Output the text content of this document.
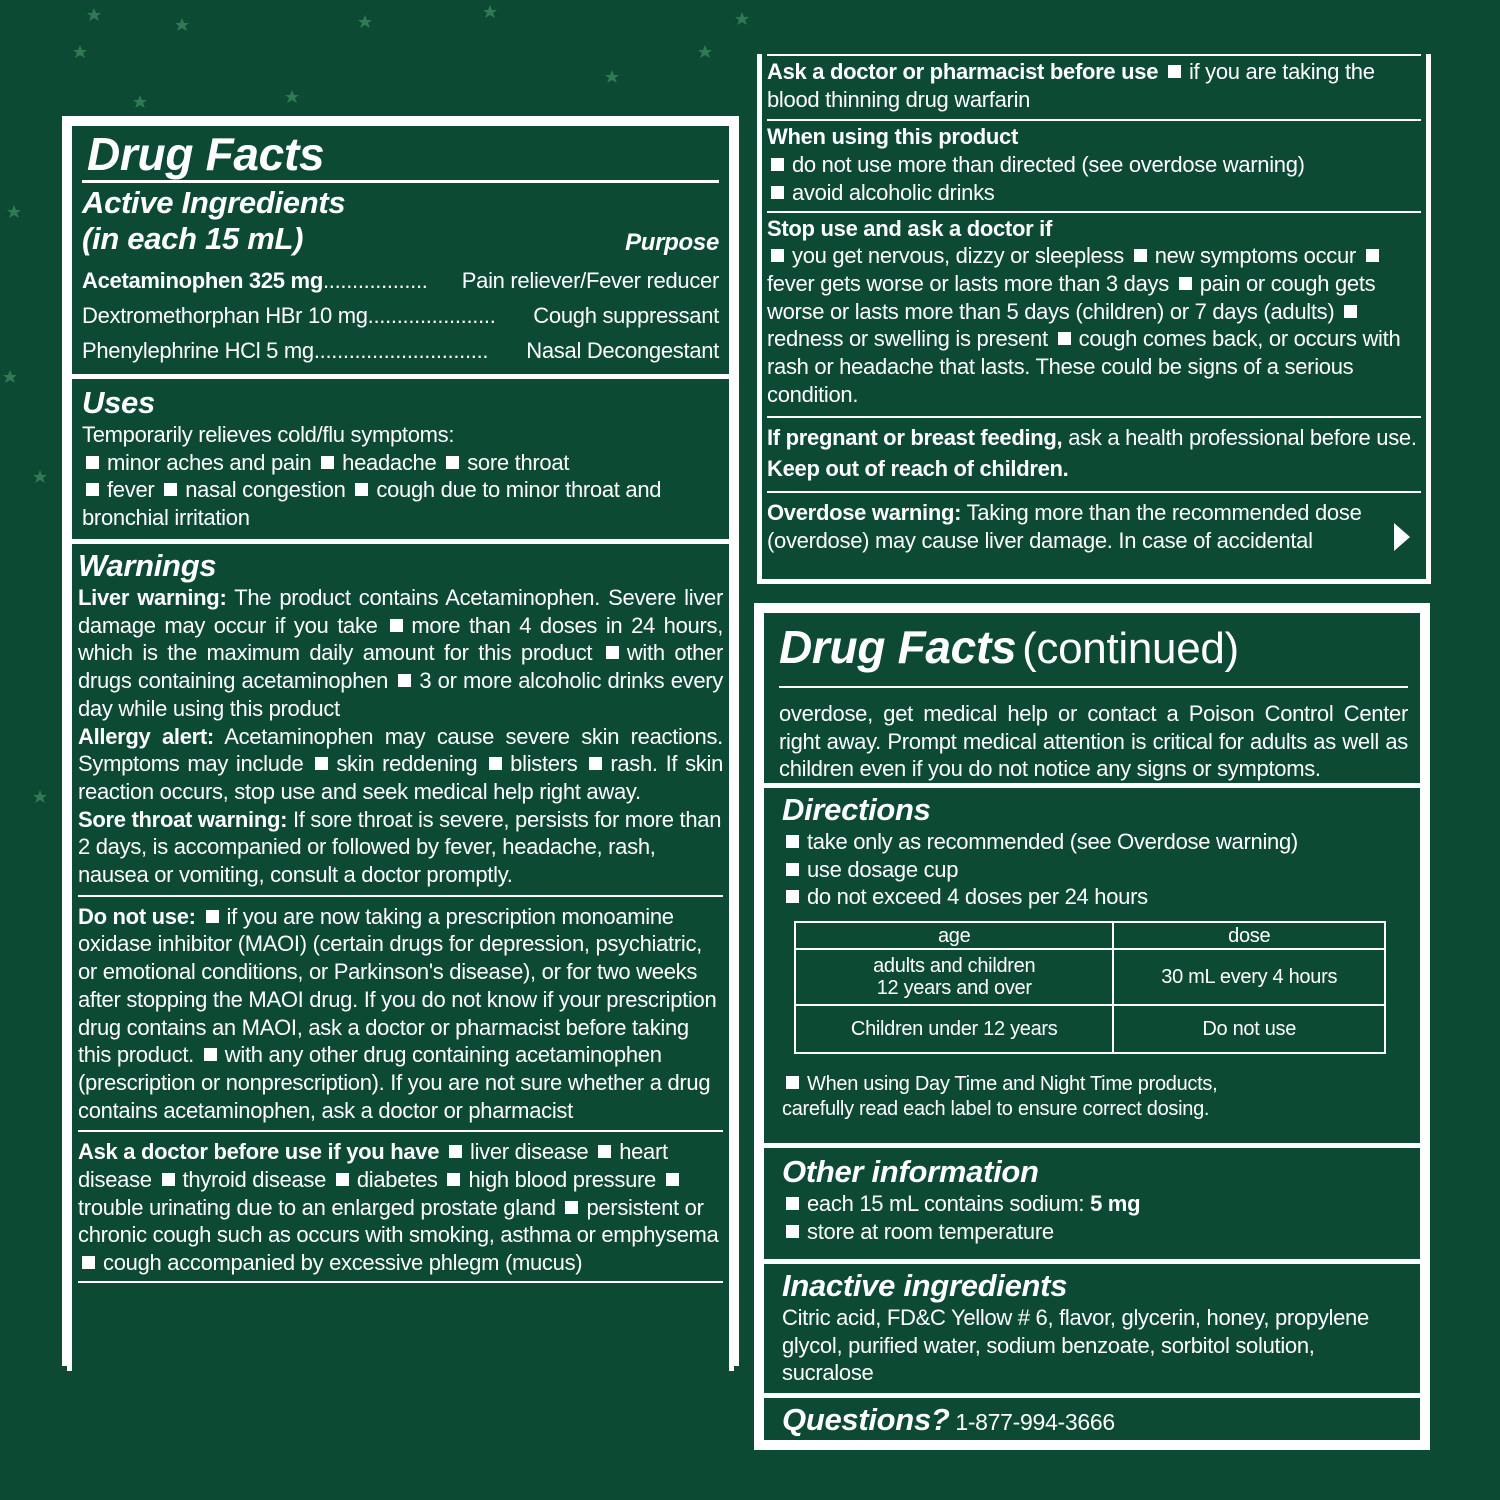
Drug Facts
Active Ingredients
(in each 15 mL)	Purpose
Acetaminophen 325 mg ..................	Pain reliever/Fever reducer
Dextromethorphan HBr 10 mg ......................	Cough suppressant
Phenylephrine HCl 5 mg ..............................	Nasal Decongestant
Uses
Temporarily relieves cold/flu symptoms:
minor aches and pain headache sore throat
fever nasal congestion cough due to minor throat and
bronchial irritation
Warnings
Liver warning: The product contains Acetaminophen. Severe liver damage may occur if you take more than 4 doses in 24 hours, which is the maximum daily amount for this product with other drugs containing acetaminophen 3 or more alcoholic drinks every day while using this product
Allergy alert: Acetaminophen may cause severe skin reactions. Symptoms may include skin reddening blisters rash. If skin reaction occurs, stop use and seek medical help right away.
Sore throat warning: If sore throat is severe, persists for more than 2 days, is accompanied or followed by fever, headache, rash, nausea or vomiting, consult a doctor promptly.
Do not use: if you are now taking a prescription monoamine oxidase inhibitor (MAOI) (certain drugs for depression, psychiatric, or emotional conditions, or Parkinson's disease), or for two weeks after stopping the MAOI drug. If you do not know if your prescription drug contains an MAOI, ask a doctor or pharmacist before taking this product. with any other drug containing acetaminophen (prescription or nonprescription). If you are not sure whether a drug contains acetaminophen, ask a doctor or pharmacist
Ask a doctor before use if you have liver disease heart disease thyroid disease diabetes high blood pressure trouble urinating due to an enlarged prostate gland persistent or chronic cough such as occurs with smoking, asthma or emphysema cough accompanied by excessive phlegm (mucus)
Ask a doctor or pharmacist before use if you are taking the blood thinning drug warfarin
When using this product
do not use more than directed (see overdose warning)
avoid alcoholic drinks
Stop use and ask a doctor if
you get nervous, dizzy or sleepless new symptoms occur fever gets worse or lasts more than 3 days pain or cough gets worse or lasts more than 5 days (children) or 7 days (adults) redness or swelling is present cough comes back, or occurs with rash or headache that lasts. These could be signs of a serious condition.
If pregnant or breast feeding, ask a health professional before use.
Keep out of reach of children.
Overdose warning: Taking more than the recommended dose (overdose) may cause liver damage. In case of accidental
Drug Facts (continued)
overdose, get medical help or contact a Poison Control Center right away. Prompt medical attention is critical for adults as well as children even if you do not notice any signs or symptoms.
Directions
take only as recommended (see Overdose warning)
use dosage cup
do not exceed 4 doses per 24 hours
age	dose

adults and children
12 years and over	30 mL every 4 hours
Children under 12 years	Do not use
When using Day Time and Night Time products, carefully read each label to ensure correct dosing.
Other information
each 15 mL contains sodium: 5 mg
store at room temperature
Inactive ingredients
Citric acid, FD&C Yellow # 6, flavor, glycerin, honey, propylene glycol, purified water, sodium benzoate, sorbitol solution, sucralose
Questions? 1-877-994-3666
